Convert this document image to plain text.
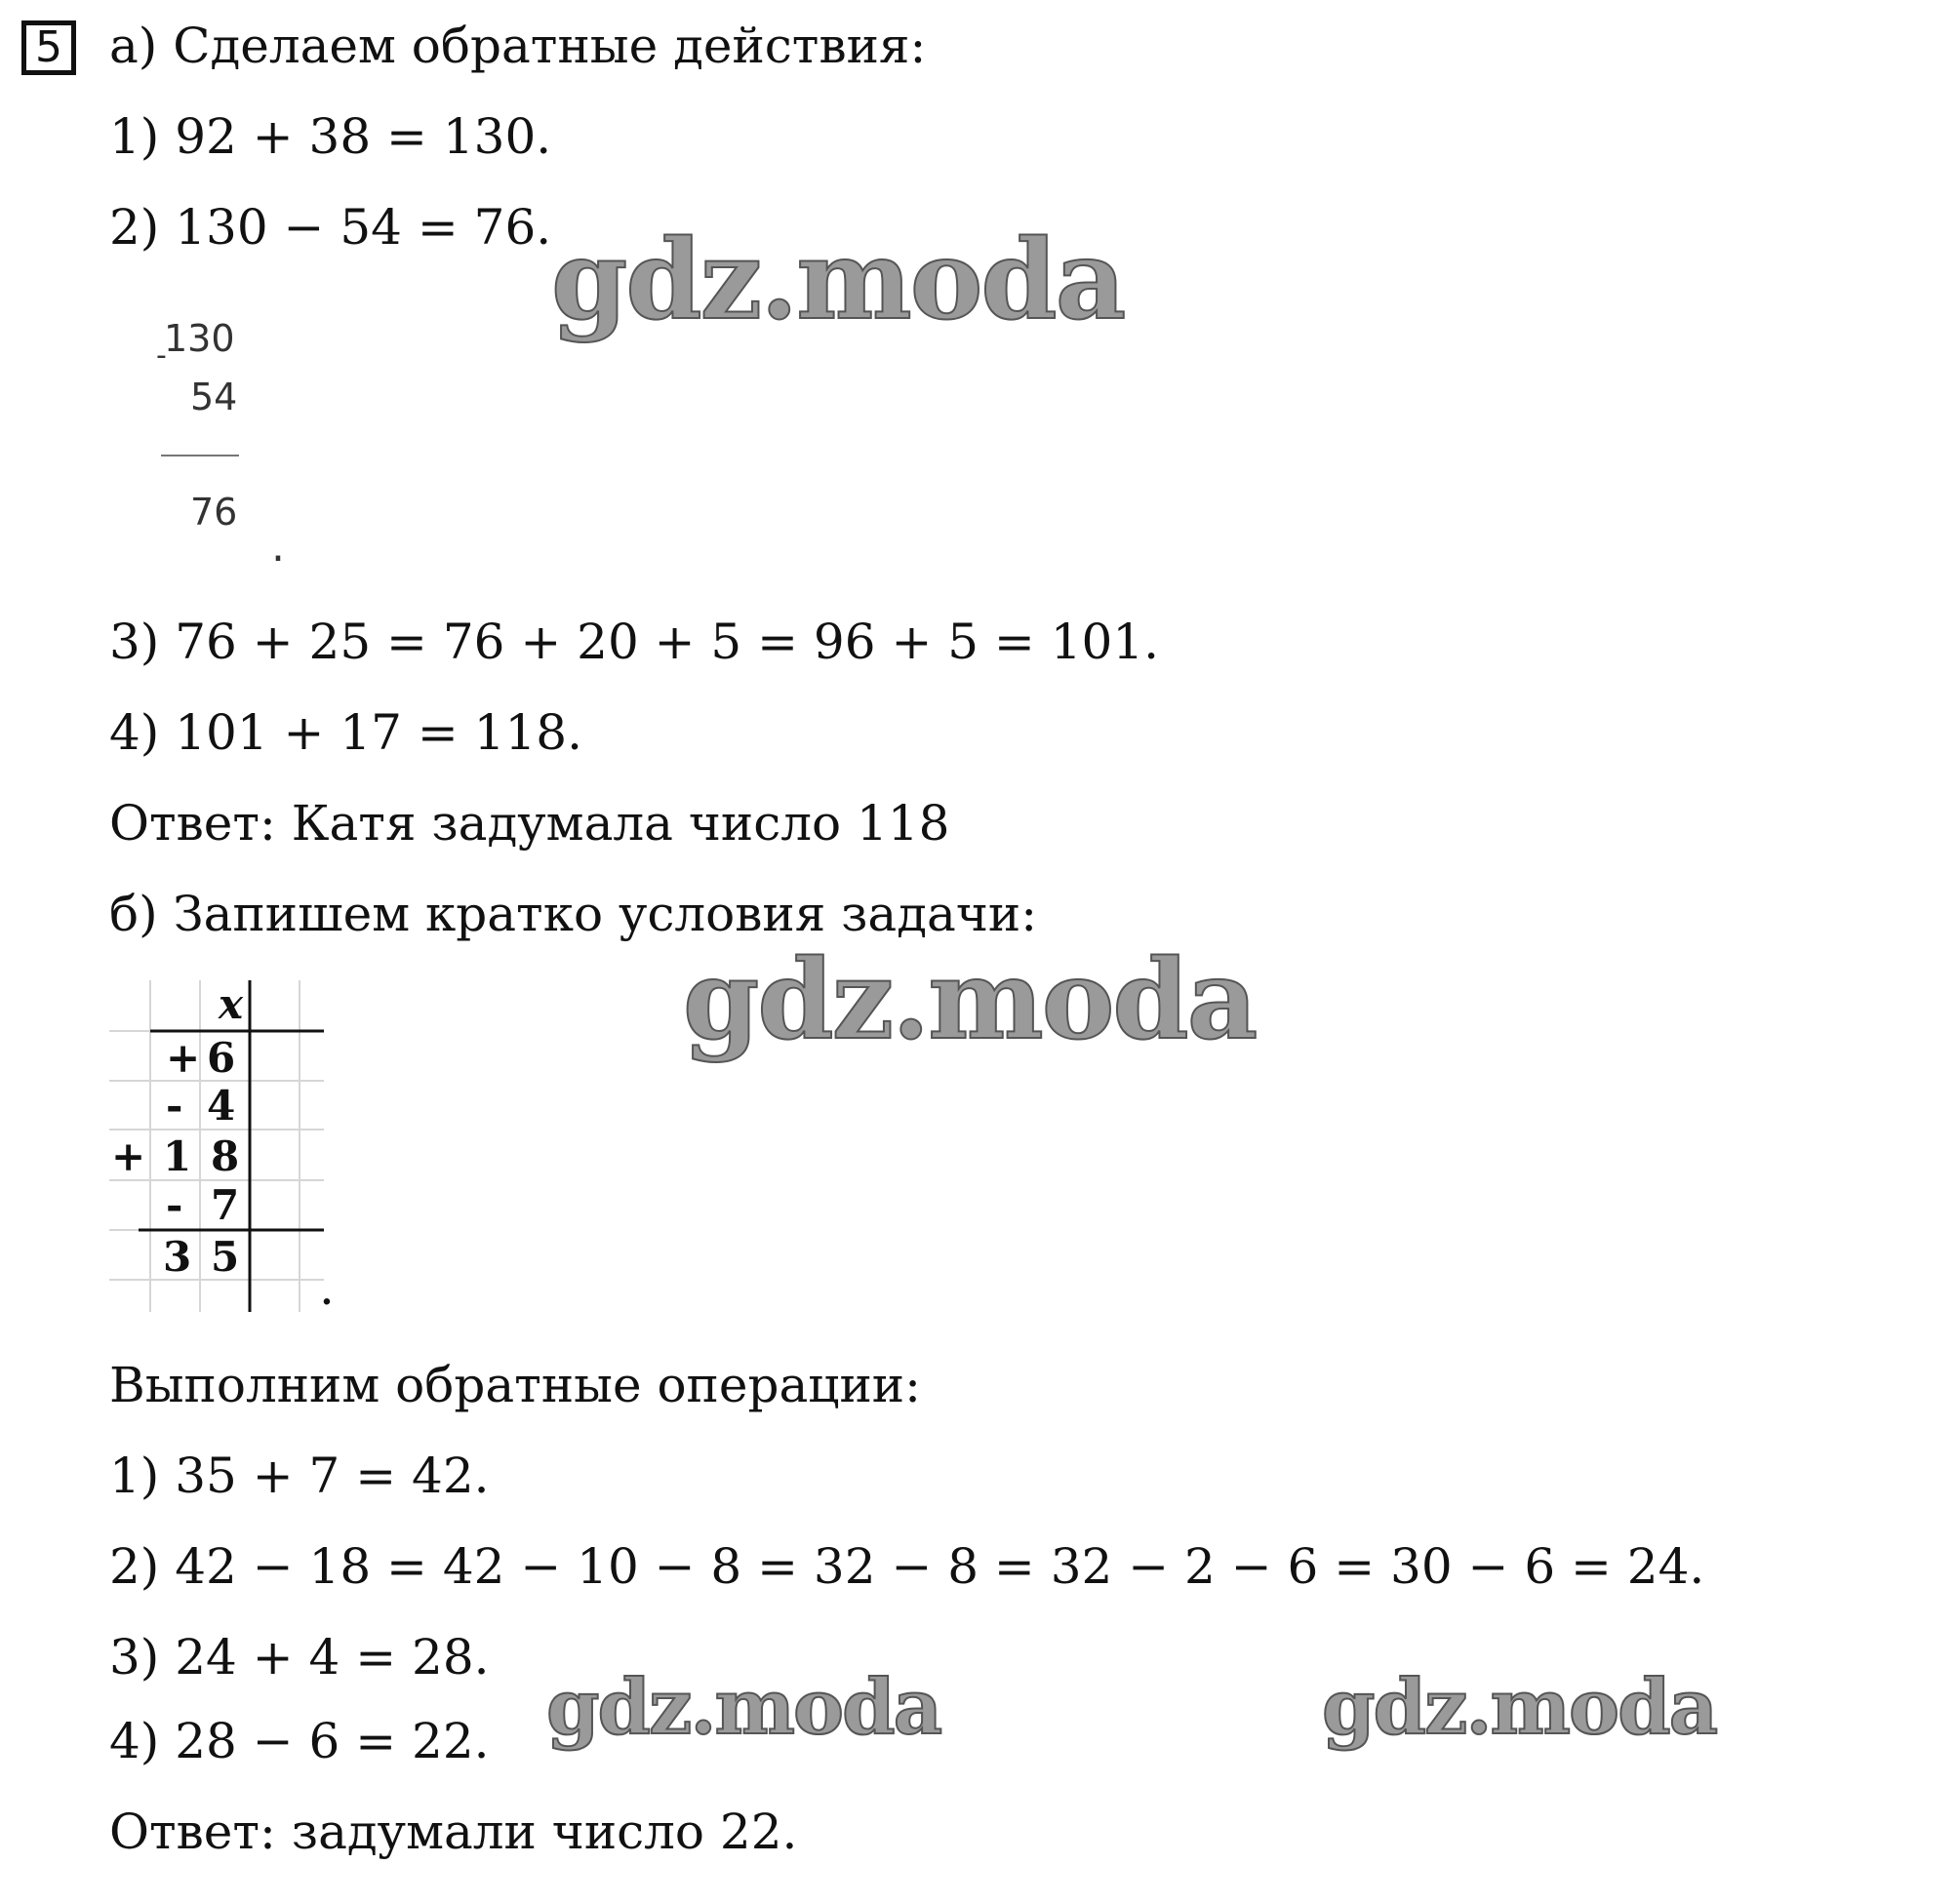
5 а) Сделаем обратные действия:
1) 92 + 38 = 130.
2) 130 − 54 = 76.
130
-
54
76
.
3) 76 + 25 = 76 + 20 + 5 = 96 + 5 = 101.
4) 101 + 17 = 118.
Ответ: Катя задумала число 118
б) Запишем кратко условия задачи:
x
+ 6
- 4
+ 1 8
- 7
3 5
.
Выполним обратные операции:
1) 35 + 7 = 42.
2) 42 − 18 = 42 − 10 − 8 = 32 − 8 = 32 − 2 − 6 = 30 − 6 = 24.
3) 24 + 4 = 28.
4) 28 − 6 = 22.
Ответ: задумали число 22.
gdz.moda
gdz.moda
gdz.moda	gdz.moda
